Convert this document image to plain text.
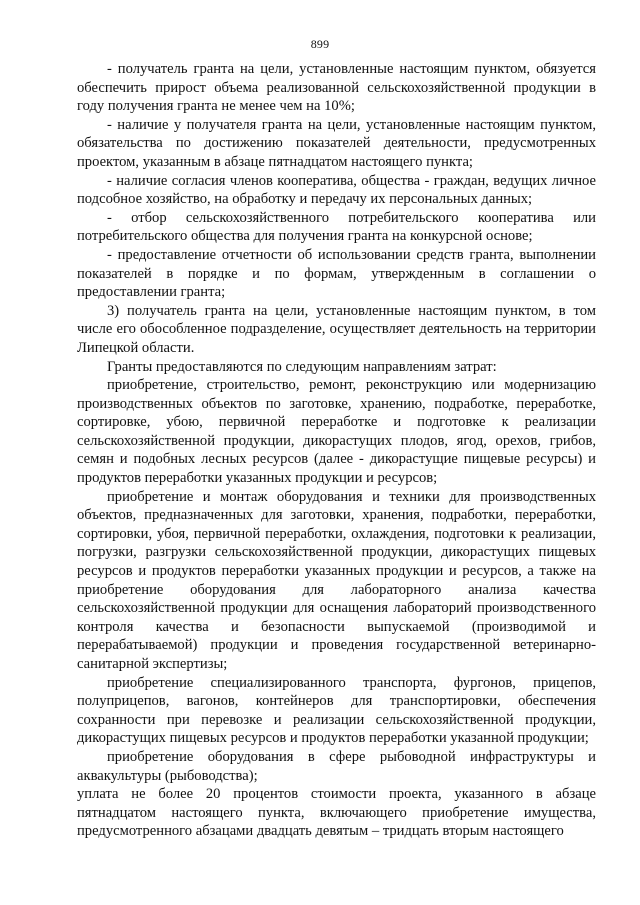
899

- получатель гранта на цели, установленные настоящим пунктом, обязуется обеспечить прирост объема реализованной сельскохозяйственной продукции в году получения гранта не менее чем на 10%;

- наличие у получателя гранта на цели, установленные настоящим пунктом, обязательства по достижению показателей деятельности, предусмотренных проектом, указанным в абзаце пятнадцатом настоящего пункта;

- наличие согласия членов кооператива, общества - граждан, ведущих личное подсобное хозяйство, на обработку и передачу их персональных данных;

- отбор сельскохозяйственного потребительского кооператива или потребительского общества для получения гранта на конкурсной основе;

- предоставление отчетности об использовании средств гранта, выполнении показателей в порядке и по формам, утвержденным в соглашении о предоставлении гранта;

3) получатель гранта на цели, установленные настоящим пунктом, в том числе его обособленное подразделение, осуществляет деятельность на территории Липецкой области.

Гранты предоставляются по следующим направлениям затрат:

приобретение, строительство, ремонт, реконструкцию или модернизацию производственных объектов по заготовке, хранению, подработке, переработке, сортировке, убою, первичной переработке и подготовке к реализации сельскохозяйственной продукции, дикорастущих плодов, ягод, орехов, грибов, семян и подобных лесных ресурсов (далее - дикорастущие пищевые ресурсы) и продуктов переработки указанных продукции и ресурсов;

приобретение и монтаж оборудования и техники для производственных объектов, предназначенных для заготовки, хранения, подработки, переработки, сортировки, убоя, первичной переработки, охлаждения, подготовки к реализации, погрузки, разгрузки сельскохозяйственной продукции, дикорастущих пищевых ресурсов и продуктов переработки указанных продукции и ресурсов, а также на приобретение оборудования для лабораторного анализа качества сельскохозяйственной продукции для оснащения лабораторий производственного контроля качества и безопасности выпускаемой (производимой и перерабатываемой) продукции и проведения государственной ветеринарно-санитарной экспертизы;

приобретение специализированного транспорта, фургонов, прицепов, полуприцепов, вагонов, контейнеров для транспортировки, обеспечения сохранности при перевозке и реализации сельскохозяйственной продукции, дикорастущих пищевых ресурсов и продуктов переработки указанной продукции;

приобретение оборудования в сфере рыбоводной инфраструктуры и аквакультуры (рыбоводства);

уплата не более 20 процентов стоимости проекта, указанного в абзаце пятнадцатом настоящего пункта, включающего приобретение имущества, предусмотренного абзацами двадцать девятым – тридцать вторым настоящего
